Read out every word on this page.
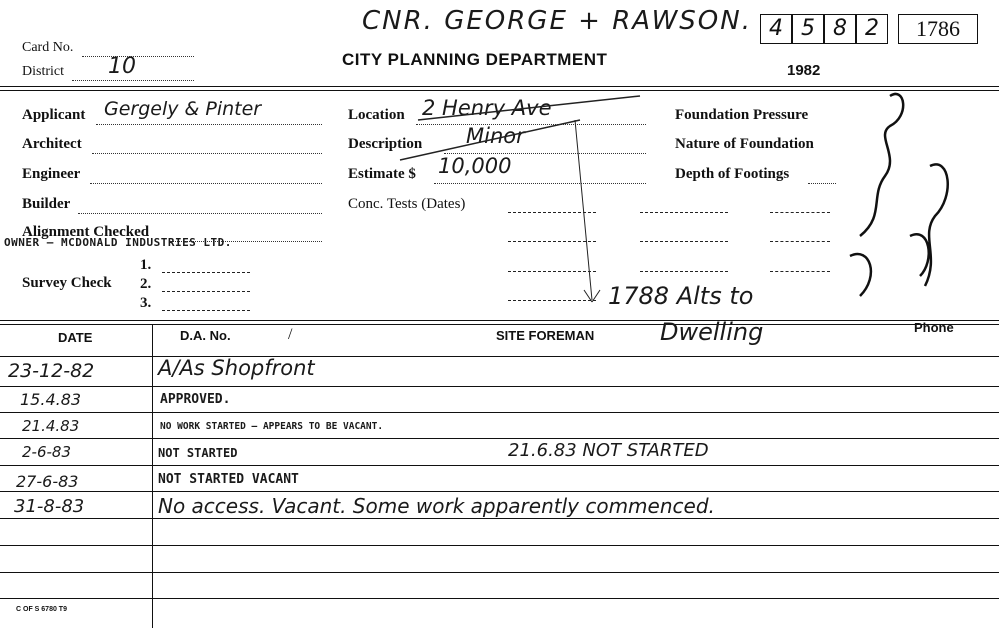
CNR. GEORGE + RAWSON. 4 5 8 2	1786
Card No.
District 10	CITY PLANNING DEPARTMENT
1982
Applicant Gergely & Pinter
Architect
Engineer
Builder
Alignment Checked
OWNER – MCDONALD INDUSTRIES LTD.
Survey Check
1.
2.
3.
Location 2 Henry Ave
Description Minor
Estimate $ 10,000
Conc. Tests (Dates)
Foundation Pressure
Nature of Foundation
Depth of Footings
1788 Alts to
DATE	D.A. No.	/	SITE FOREMAN	Dwelling	Phone
23-12-82	A/As Shopfront
15.4.83	APPROVED.
21.4.83	NO WORK STARTED – APPEARS TO BE VACANT.
2-6-83	NOT STARTED	21.6.83 NOT STARTED
27-6-83	NOT STARTED VACANT
31-8-83	No access. Vacant. Some work apparently commenced.
C OF S 6780 T9
